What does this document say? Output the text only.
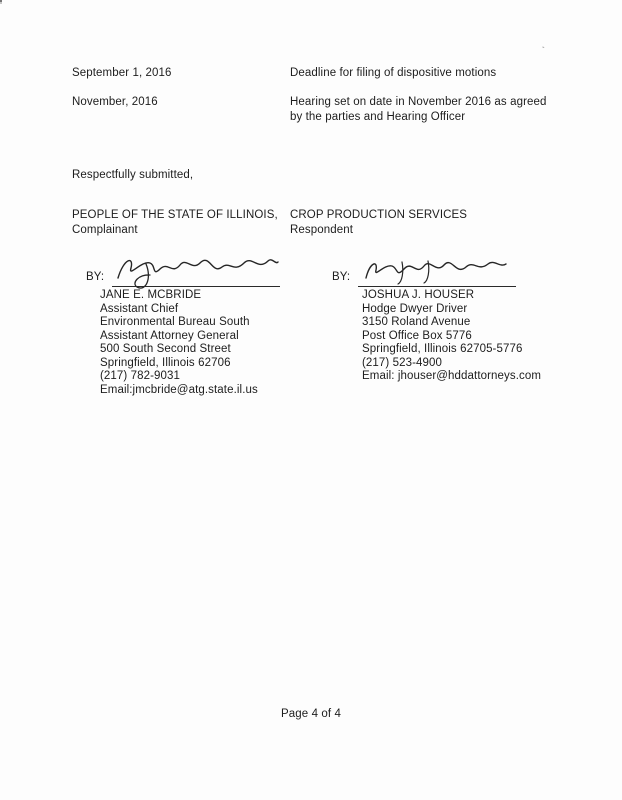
`
September 1, 2016	Deadline for filing of dispositive motions
November, 2016	Hearing set on date in November 2016 as agreed by the parties and Hearing Officer
Respectfully submitted,
PEOPLE OF THE STATE OF ILLINOIS,
Complainant
CROP PRODUCTION SERVICES
Respondent
BY:
JANE E. MCBRIDE
Assistant Chief
Environmental Bureau South
Assistant Attorney General
500 South Second Street
Springfield, Illinois 62706
(217) 782-9031
Email:jmcbride@atg.state.il.us
BY:
JOSHUA J. HOUSER
Hodge Dwyer Driver
3150 Roland Avenue
Post Office Box 5776
Springfield, Illinois 62705-5776
(217) 523-4900
Email: jhouser@hddattorneys.com
Page 4 of 4
